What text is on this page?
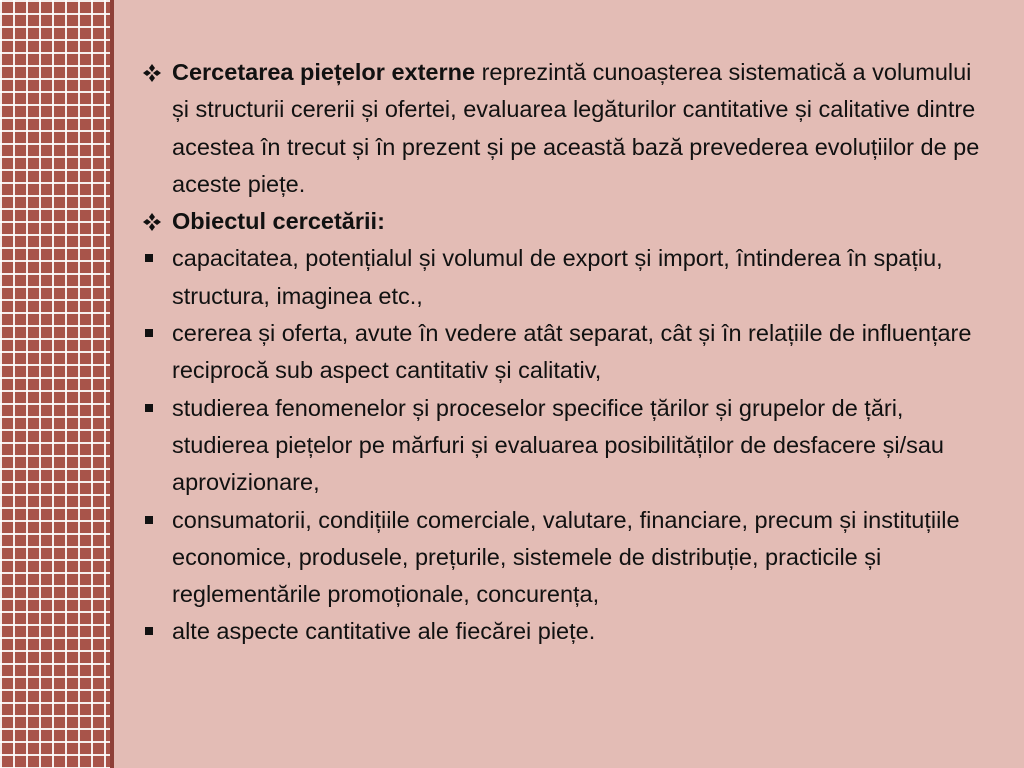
Cercetarea piețelor externe reprezintă cunoașterea sistematică a volumului și structurii cererii și ofertei, evaluarea legăturilor cantitative și calitative dintre acestea în trecut și în prezent și pe această bază prevederea evoluțiilor de pe aceste piețe.

Obiectul cercetării:

capacitatea, potențialul și volumul de export și import, întinderea în spațiu, structura, imaginea etc.,

cererea și oferta, avute în vedere atât separat, cât și în relațiile de influențare reciprocă sub aspect cantitativ și calitativ,

studierea fenomenelor și proceselor specifice țărilor și grupelor de țări, studierea piețelor pe mărfuri și evaluarea posibilităților de desfacere și/sau aprovizionare,

consumatorii, condițiile comerciale, valutare, financiare, precum și instituțiile economice, produsele, prețurile, sistemele de distribuție, practicile și reglementările promoționale, concurența,

alte aspecte cantitative ale fiecărei piețe.
